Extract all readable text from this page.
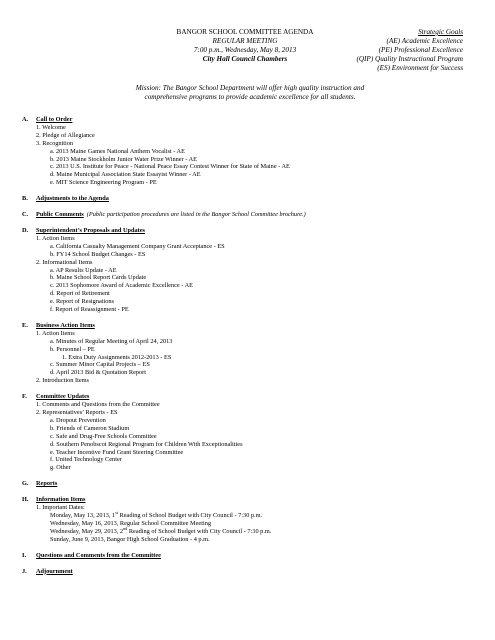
BANGOR SCHOOL COMMITTEE AGENDA
REGULAR MEETING
7:00 p.m., Wednesday, May 8, 2013
City Hall Council Chambers
Strategic Goals
(AE) Academic Excellence
(PE) Professional Excellence
(QIP) Quality Instructional Program
(ES) Environment for Success
Mission: The Bangor School Department will offer high quality instruction and
comprehensive programs to provide academic excellence for all students.
A.	Call to Order
1. Welcome
2. Pledge of Allegiance
3. Recognition
a. 2013 Maine Games National Anthem Vocalist - AE
b. 2013 Maine Stockholm Junior Water Prize Winner - AE
c. 2013 U.S. Institute for Peace - National Peace Essay Contest Winner for State of Maine - AE
d. Maine Municipal Association State Essayist Winner - AE
e. MIT Science Engineering Program - PE
B.	Adjustments to the Agenda
C.	Public Comments (Public participation procedures are listed in the Bangor School Committee brochure.)
D.	Superintendent’s Proposals and Updates
1. Action Items
a. California Casualty Management Company Grant Acceptance - ES
b. FY14 School Budget Changes - ES
2. Informational Items
a. AP Results Update - AE
b. Maine School Report Cards Update
c. 2013 Sophomore Award of Academic Excellence - AE
d. Report of Retirement
e. Report of Resignations
f. Report of Reassignment - PE
E.	Business Action Items
1. Action Items
a. Minutes of Regular Meeting of April 24, 2013
b. Personnel – PE
1. Extra Duty Assignments 2012-2013 - ES
c. Summer Minor Capital Projects – ES
d. April 2013 Bid & Quotation Report
2. Introduction Items
F.	Committee Updates
1. Comments and Questions from the Committee
2. Representatives’ Reports - ES
a. Dropout Prevention
b. Friends of Cameron Stadium
c. Safe and Drug-Free Schools Committee
d. Southern Penobscot Regional Program for Children With Exceptionalities
e. Teacher Incentive Fund Grant Steering Committee
f. United Technology Center
g. Other
G.	Reports
H.	Information Items
1. Important Dates:
Monday, May 13, 2013, 1st Reading of School Budget with City Council - 7:30 p.m.
Wednesday, May 16, 2013, Regular School Committee Meeting
Wednesday, May 29, 2013, 2nd Reading of School Budget with City Council - 7:30 p.m.
Sunday, June 9, 2013, Bangor High School Graduation - 4 p.m.
I.	Questions and Comments from the Committee
J.	Adjournment
